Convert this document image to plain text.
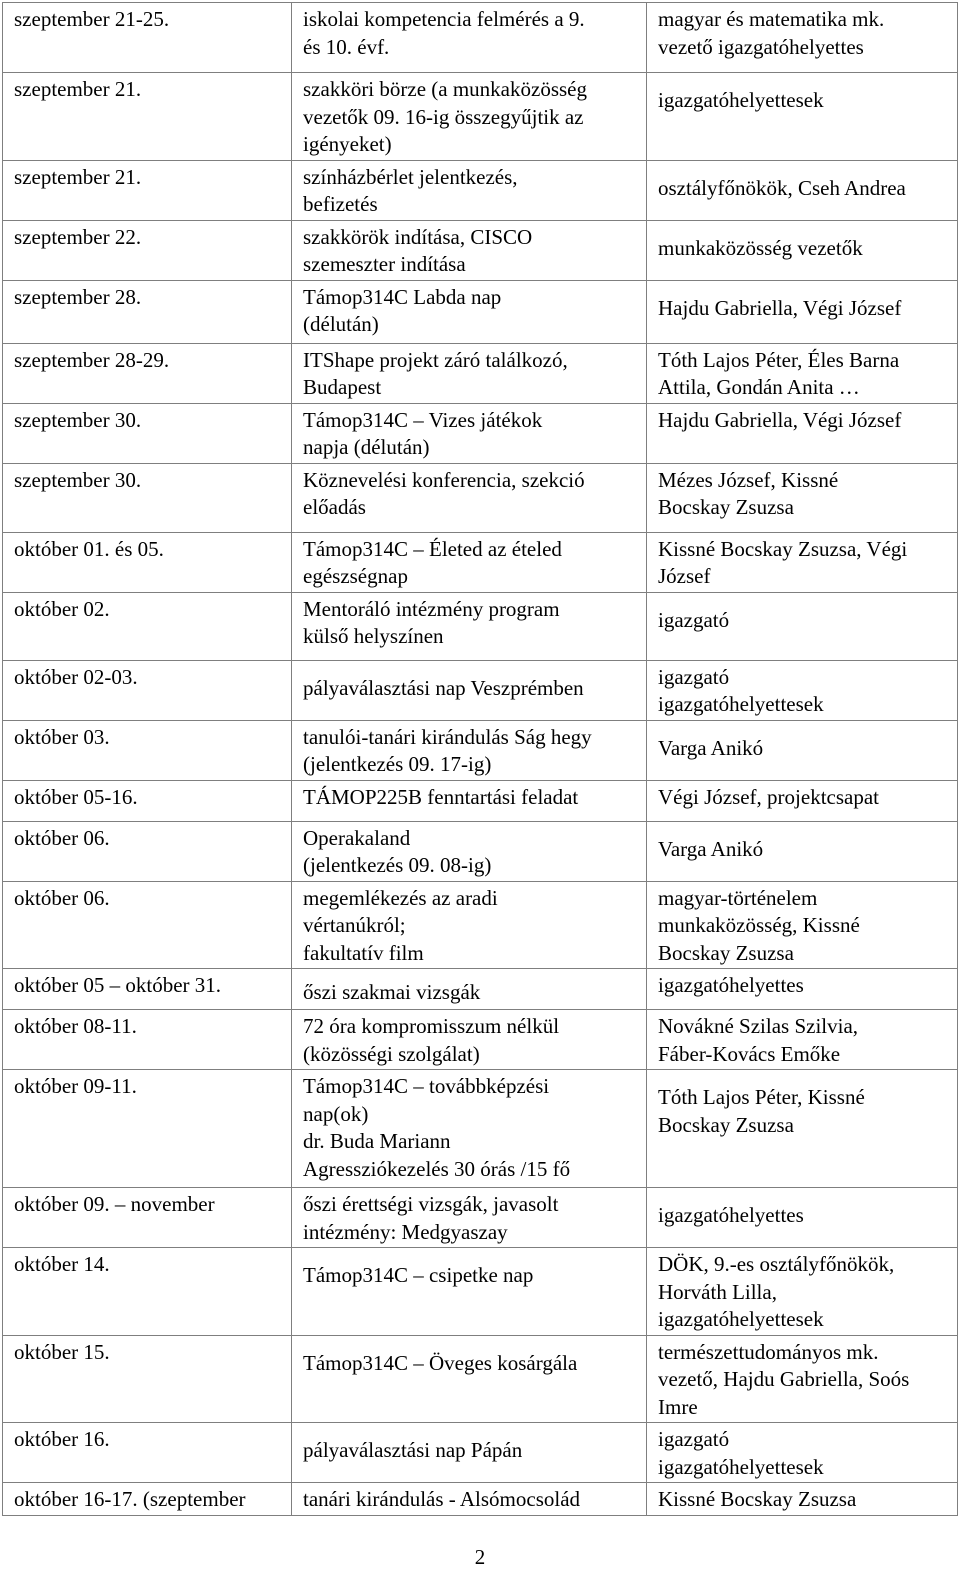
szeptember 21-25.	iskolai kompetencia felmérés a 9.
és 10. évf.	magyar és matematika mk.
vezető igazgatóhelyettes

szeptember 21.	szakköri börze (a munkaközösség
vezetők 09. 16-ig összegyűjtik az
igényeket)	igazgatóhelyettesek

szeptember 21.	színházbérlet jelentkezés,
befizetés	osztályfőnökök, Cseh Andrea

szeptember 22.	szakkörök indítása, CISCO
szemeszter indítása	munkaközösség vezetők

szeptember 28.	Támop314C Labda nap
(délután)	Hajdu Gabriella, Végi József

szeptember 28-29.	ITShape projekt záró találkozó,
Budapest	Tóth Lajos Péter, Éles Barna
Attila, Gondán Anita …

szeptember 30.	Támop314C – Vizes játékok
napja (délután)	Hajdu Gabriella, Végi József

szeptember 30.	Köznevelési konferencia, szekció
előadás	Mézes József, Kissné
Bocskay Zsuzsa

október 01. és 05.	Támop314C – Életed az ételed
egészségnap	Kissné Bocskay Zsuzsa, Végi
József

október 02.	Mentoráló intézmény program
külső helyszínen	igazgató

október 02-03.	pályaválasztási nap Veszprémben	igazgató
igazgatóhelyettesek

október 03.	tanulói-tanári kirándulás Ság hegy
(jelentkezés 09. 17-ig)	Varga Anikó

október 05-16.	TÁMOP225B fenntartási feladat	Végi József, projektcsapat

október 06.	Operakaland
(jelentkezés 09. 08-ig)	Varga Anikó

október 06.	megemlékezés az aradi
vértanúkról;
fakultatív film	magyar-történelem
munkaközösség, Kissné
Bocskay Zsuzsa

október 05 – október 31.	őszi szakmai vizsgák	igazgatóhelyettes

október 08-11.	72 óra kompromisszum nélkül
(közösségi szolgálat)	Novákné Szilas Szilvia,
Fáber-Kovács Emőke

október 09-11.	Támop314C – továbbképzési
nap(ok)
dr. Buda Mariann
Agressziókezelés 30 órás /15 fő	Tóth Lajos Péter, Kissné
Bocskay Zsuzsa

október 09. – november	őszi érettségi vizsgák, javasolt
intézmény: Medgyaszay	igazgatóhelyettes

október 14.	Támop314C – csipetke nap	DÖK, 9.-es osztályfőnökök,
Horváth Lilla,
igazgatóhelyettesek

október 15.	Támop314C – Öveges kosárgála	természettudományos mk.
vezető, Hajdu Gabriella, Soós
Imre

október 16.	pályaválasztási nap Pápán	igazgató
igazgatóhelyettesek

október 16-17. (szeptember	tanári kirándulás - Alsómocsolád	Kissné Bocskay Zsuzsa
2
